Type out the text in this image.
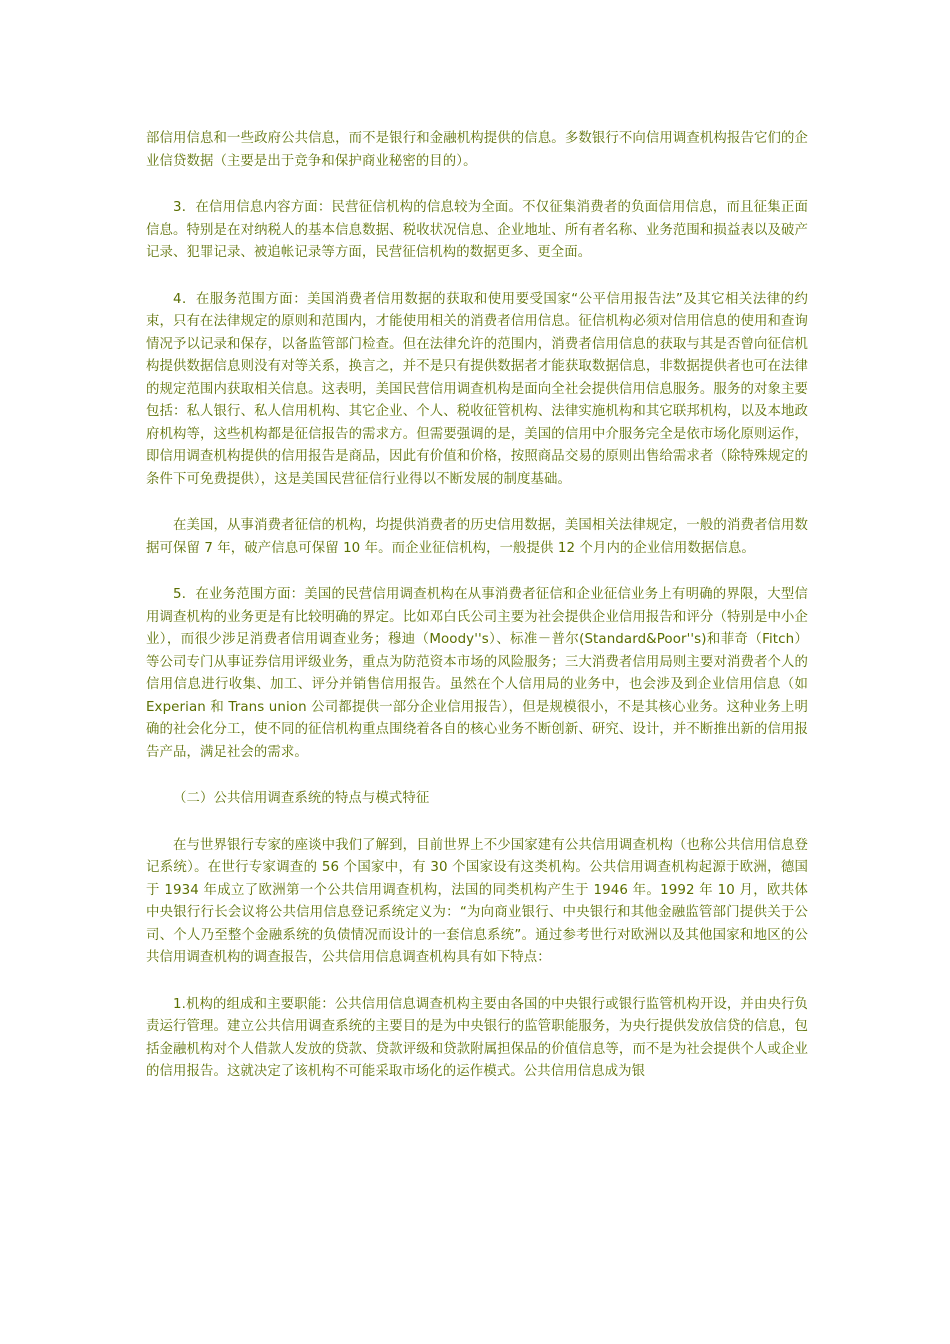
部信用信息和一些政府公共信息，而不是银行和金融机构提供的信息。多数银行不向信用调查机构报告它们的企业信贷数据（主要是出于竞争和保护商业秘密的目的）。

3．在信用信息内容方面：民营征信机构的信息较为全面。不仅征集消费者的负面信用信息，而且征集正面信息。特别是在对纳税人的基本信息数据、税收状况信息、企业地址、所有者名称、业务范围和损益表以及破产记录、犯罪记录、被追帐记录等方面，民营征信机构的数据更多、更全面。

4．在服务范围方面：美国消费者信用数据的获取和使用要受国家“公平信用报告法”及其它相关法律的约束，只有在法律规定的原则和范围内，才能使用相关的消费者信用信息。征信机构必须对信用信息的使用和查询情况予以记录和保存，以备监管部门检查。但在法律允许的范围内，消费者信用信息的获取与其是否曾向征信机构提供数据信息则没有对等关系，换言之，并不是只有提供数据者才能获取数据信息，非数据提供者也可在法律的规定范围内获取相关信息。这表明，美国民营信用调查机构是面向全社会提供信用信息服务。服务的对象主要包括：私人银行、私人信用机构、其它企业、个人、税收征管机构、法律实施机构和其它联邦机构，以及本地政府机构等，这些机构都是征信报告的需求方。但需要强调的是，美国的信用中介服务完全是依市场化原则运作，即信用调查机构提供的信用报告是商品，因此有价值和价格，按照商品交易的原则出售给需求者（除特殊规定的条件下可免费提供），这是美国民营征信行业得以不断发展的制度基础。

在美国，从事消费者征信的机构，均提供消费者的历史信用数据，美国相关法律规定，一般的消费者信用数据可保留 7 年，破产信息可保留 10 年。而企业征信机构，一般提供 12 个月内的企业信用数据信息。

5．在业务范围方面：美国的民营信用调查机构在从事消费者征信和企业征信业务上有明确的界限，大型信用调查机构的业务更是有比较明确的界定。比如邓白氏公司主要为社会提供企业信用报告和评分（特别是中小企业），而很少涉足消费者信用调查业务；穆迪（Moody''s）、标准－普尔(Standard&Poor''s)和菲奇（Fitch）等公司专门从事证券信用评级业务，重点为防范资本市场的风险服务；三大消费者信用局则主要对消费者个人的信用信息进行收集、加工、评分并销售信用报告。虽然在个人信用局的业务中，也会涉及到企业信用信息（如 Experian 和 Trans union 公司都提供一部分企业信用报告），但是规模很小，不是其核心业务。这种业务上明确的社会化分工，使不同的征信机构重点围绕着各自的核心业务不断创新、研究、设计，并不断推出新的信用报告产品，满足社会的需求。

（二）公共信用调查系统的特点与模式特征

在与世界银行专家的座谈中我们了解到，目前世界上不少国家建有公共信用调查机构（也称公共信用信息登记系统）。在世行专家调查的 56 个国家中，有 30 个国家设有这类机构。公共信用调查机构起源于欧洲，德国于 1934 年成立了欧洲第一个公共信用调查机构，法国的同类机构产生于 1946 年。1992 年 10 月，欧共体中央银行行长会议将公共信用信息登记系统定义为：“为向商业银行、中央银行和其他金融监管部门提供关于公司、个人乃至整个金融系统的负债情况而设计的一套信息系统”。通过参考世行对欧洲以及其他国家和地区的公共信用调查机构的调查报告，公共信用信息调查机构具有如下特点：

1.机构的组成和主要职能：公共信用信息调查机构主要由各国的中央银行或银行监管机构开设，并由央行负责运行管理。建立公共信用调查系统的主要目的是为中央银行的监管职能服务，为央行提供发放信贷的信息，包括金融机构对个人借款人发放的贷款、贷款评级和贷款附属担保品的价值信息等，而不是为社会提供个人或企业的信用报告。这就决定了该机构不可能采取市场化的运作模式。公共信用信息成为银
